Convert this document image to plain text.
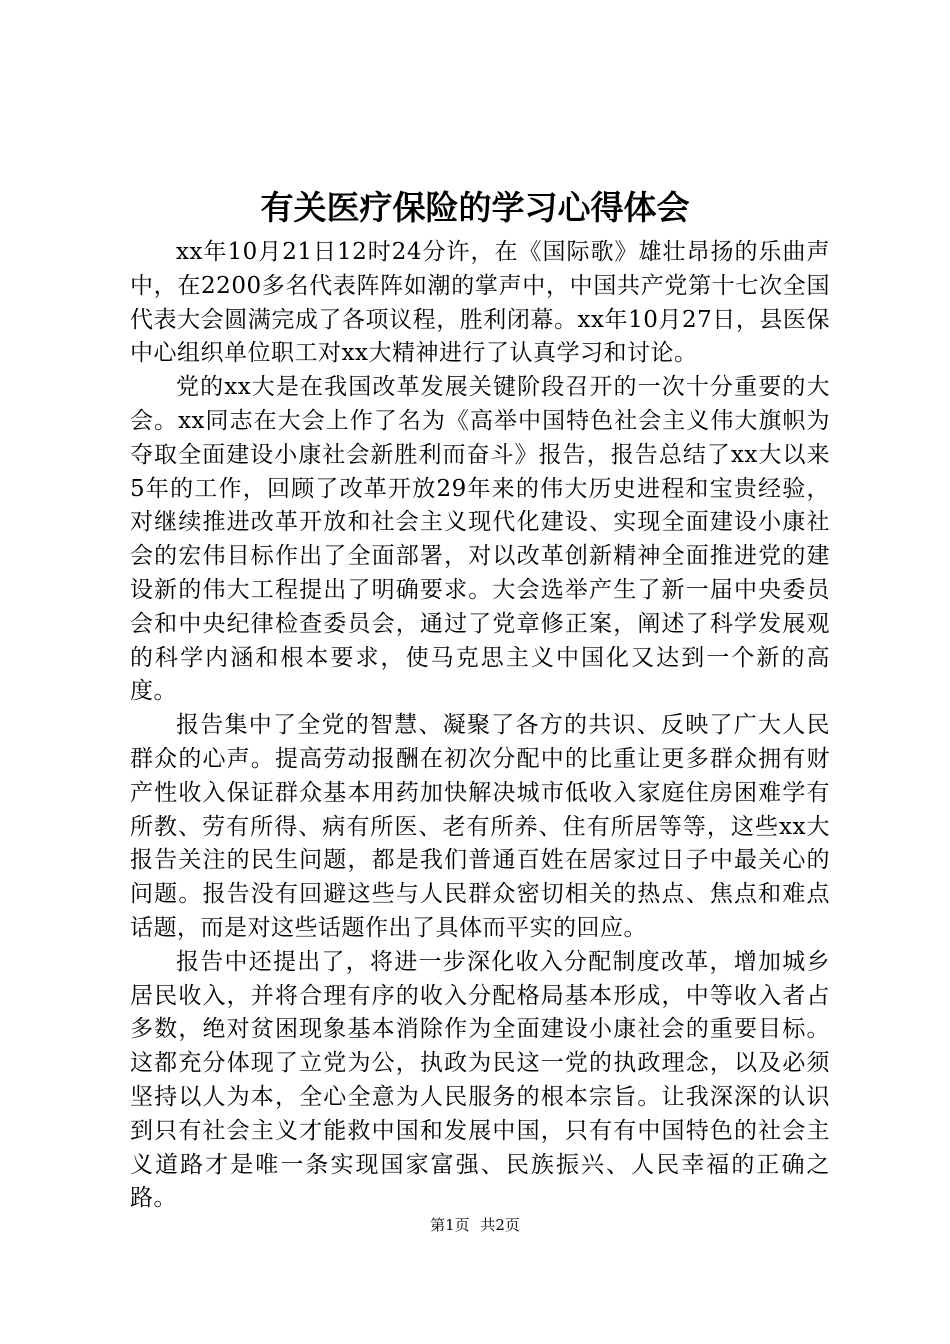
有关医疗保险的学习心得体会

xx年10月21日12时24分许，在《国际歌》雄壮昂扬的乐曲声中，在2200多名代表阵阵如潮的掌声中，中国共产党第十七次全国代表大会圆满完成了各项议程，胜利闭幕。xx年10月27日，县医保中心组织单位职工对xx大精神进行了认真学习和讨论。

党的xx大是在我国改革发展关键阶段召开的一次十分重要的大会。xx同志在大会上作了名为《高举中国特色社会主义伟大旗帜为夺取全面建设小康社会新胜利而奋斗》报告，报告总结了xx大以来5年的工作，回顾了改革开放29年来的伟大历史进程和宝贵经验，对继续推进改革开放和社会主义现代化建设、实现全面建设小康社会的宏伟目标作出了全面部署，对以改革创新精神全面推进党的建设新的伟大工程提出了明确要求。大会选举产生了新一届中央委员会和中央纪律检查委员会，通过了党章修正案，阐述了科学发展观的科学内涵和根本要求，使马克思主义中国化又达到一个新的高度。

报告集中了全党的智慧、凝聚了各方的共识、反映了广大人民群众的心声。提高劳动报酬在初次分配中的比重让更多群众拥有财产性收入保证群众基本用药加快解决城市低收入家庭住房困难学有所教、劳有所得、病有所医、老有所养、住有所居等等，这些xx大报告关注的民生问题，都是我们普通百姓在居家过日子中最关心的问题。报告没有回避这些与人民群众密切相关的热点、焦点和难点话题，而是对这些话题作出了具体而平实的回应。

报告中还提出了，将进一步深化收入分配制度改革，增加城乡居民收入，并将合理有序的收入分配格局基本形成，中等收入者占多数，绝对贫困现象基本消除作为全面建设小康社会的重要目标。这都充分体现了立党为公，执政为民这一党的执政理念，以及必须坚持以人为本，全心全意为人民服务的根本宗旨。让我深深的认识到只有社会主义才能救中国和发展中国，只有有中国特色的社会主义道路才是唯一条实现国家富强、民族振兴、人民幸福的正确之路。

第1页 共2页
